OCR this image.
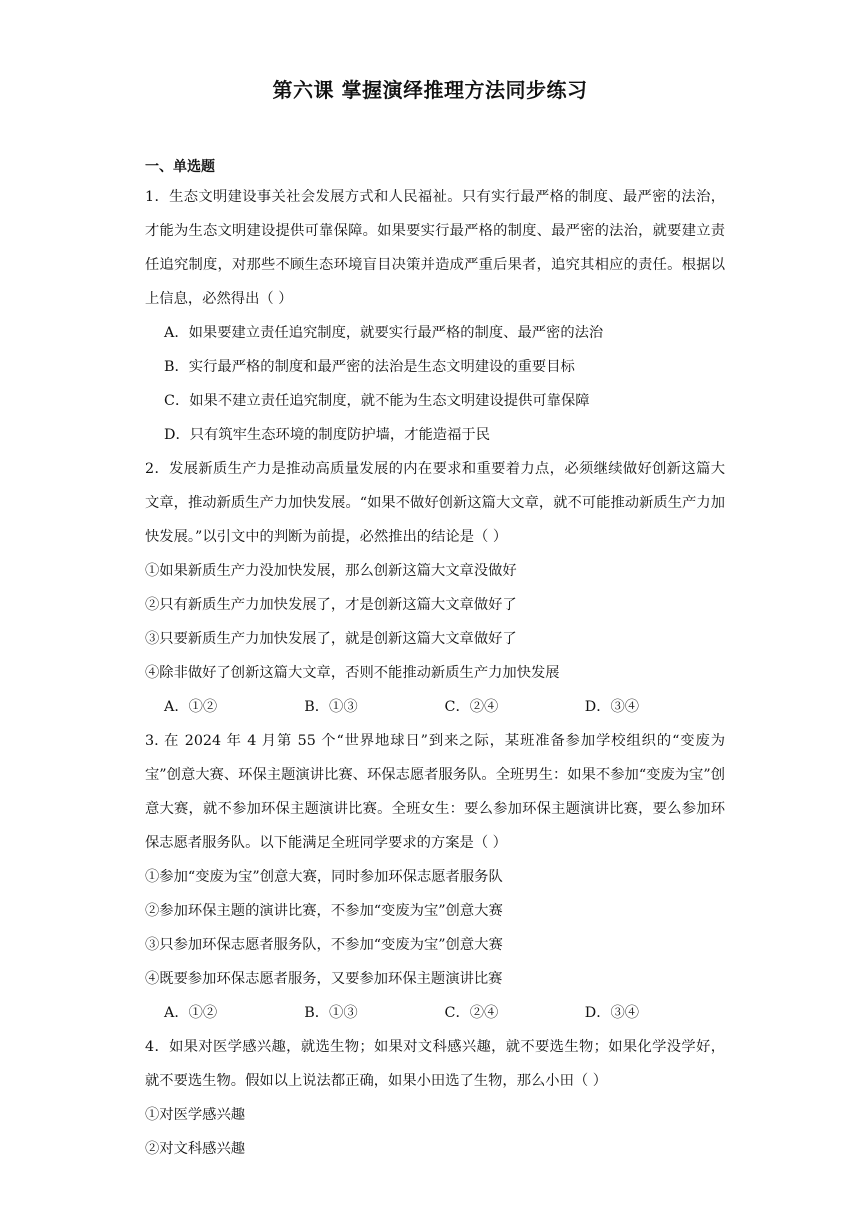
第六课 掌握演绎推理方法同步练习
一、单选题

1．生态文明建设事关社会发展方式和人民福祉。只有实行最严格的制度、最严密的法治，才能为生态文明建设提供可靠保障。如果要实行最严格的制度、最严密的法治，就要建立责任追究制度，对那些不顾生态环境盲目决策并造成严重后果者，追究其相应的责任。根据以上信息，必然得出（ ）

A．如果要建立责任追究制度，就要实行最严格的制度、最严密的法治

B．实行最严格的制度和最严密的法治是生态文明建设的重要目标

C．如果不建立责任追究制度，就不能为生态文明建设提供可靠保障

D．只有筑牢生态环境的制度防护墙，才能造福于民

2．发展新质生产力是推动高质量发展的内在要求和重要着力点，必须继续做好创新这篇大文章，推动新质生产力加快发展。“如果不做好创新这篇大文章，就不可能推动新质生产力加快发展。”以引文中的判断为前提，必然推出的结论是（ ）

①如果新质生产力没加快发展，那么创新这篇大文章没做好

②只有新质生产力加快发展了，才是创新这篇大文章做好了

③只要新质生产力加快发展了，就是创新这篇大文章做好了

④除非做好了创新这篇大文章，否则不能推动新质生产力加快发展

A．①②	B．①③	C．②④	D．③④

3. 在 2024 年 4 月第 55 个“世界地球日”到来之际，某班准备参加学校组织的“变废为宝”创意大赛、环保主题演讲比赛、环保志愿者服务队。全班男生：如果不参加“变废为宝”创意大赛，就不参加环保主题演讲比赛。全班女生：要么参加环保主题演讲比赛，要么参加环保志愿者服务队。以下能满足全班同学要求的方案是（ ）

①参加“变废为宝”创意大赛，同时参加环保志愿者服务队

②参加环保主题的演讲比赛，不参加“变废为宝”创意大赛

③只参加环保志愿者服务队，不参加“变废为宝”创意大赛

④既要参加环保志愿者服务，又要参加环保主题演讲比赛

A．①②	B．①③	C．②④	D．③④

4．如果对医学感兴趣，就选生物；如果对文科感兴趣，就不要选生物；如果化学没学好，就不要选生物。假如以上说法都正确，如果小田选了生物，那么小田（ ）

①对医学感兴趣

②对文科感兴趣
